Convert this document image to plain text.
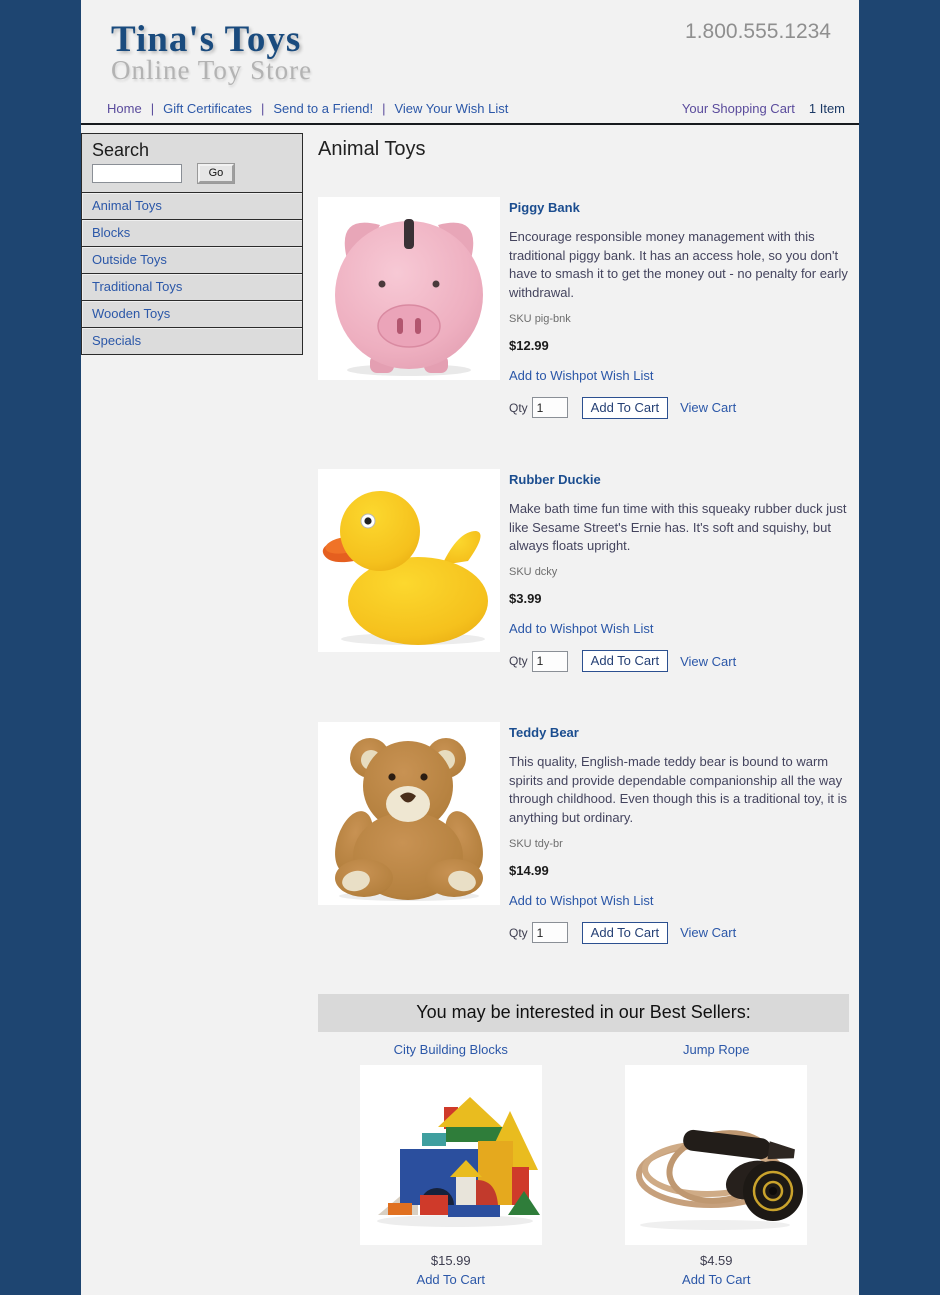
Tina's Toys
Online Toy Store
1.800.555.1234
Home | Gift Certificates | Send to a Friend! | View Your Wish List	Your Shopping Cart 1 Item
Search
Go
Animal Toys
Blocks
Outside Toys
Traditional Toys
Wooden Toys
Specials
Animal Toys
Piggy Bank

Encourage responsible money management with this traditional piggy bank. It has an access hole, so you don't have to smash it to get the money out - no penalty for early withdrawal.

SKU pig-bnk
$12.99
Add to Wishpot Wish List
Qty
1	Add To Cart	View Cart
Rubber Duckie

Make bath time fun time with this squeaky rubber duck just like Sesame Street's Ernie has. It's soft and squishy, but always floats upright.

SKU dcky
$3.99
Add to Wishpot Wish List
Qty
1	Add To Cart	View Cart
Teddy Bear

This quality, English-made teddy bear is bound to warm spirits and provide dependable companionship all the way through childhood. Even though this is a traditional toy, it is anything but ordinary.

SKU tdy-br
$14.99
Add to Wishpot Wish List
Qty
1	Add To Cart	View Cart
You may be interested in our Best Sellers:
City Building Blocks
$15.99
Add To Cart
Jump Rope
$4.59
Add To Cart
